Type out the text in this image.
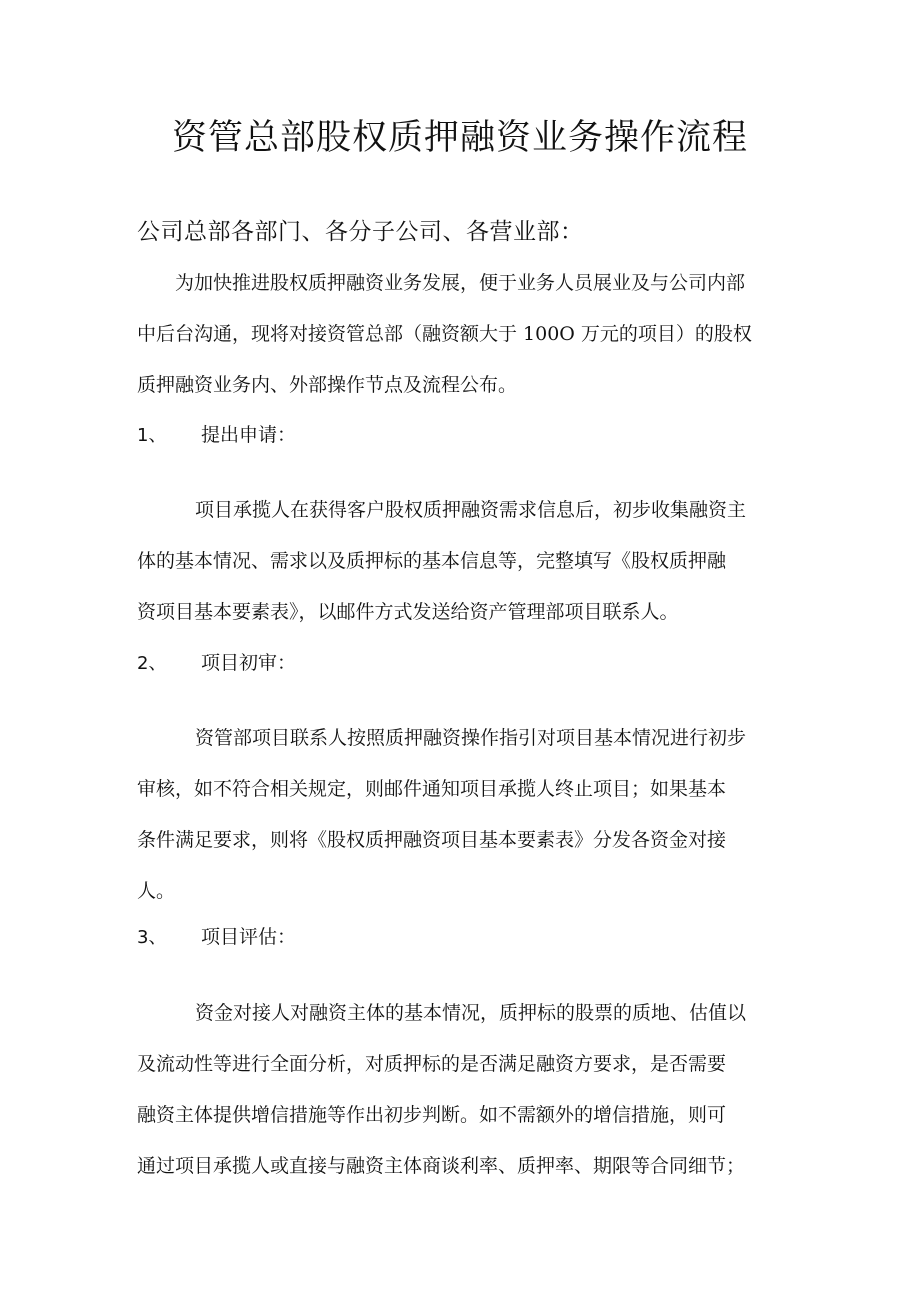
资管总部股权质押融资业务操作流程
公司总部各部门、各分子公司、各营业部：
为加快推进股权质押融资业务发展，便于业务人员展业及与公司内部
中后台沟通，现将对接资管总部（融资额大于 100O 万元的项目）的股权
质押融资业务内、外部操作节点及流程公布。
1、 提出申请：
项目承揽人在获得客户股权质押融资需求信息后，初步收集融资主
体的基本情况、需求以及质押标的基本信息等，完整填写《股权质押融
资项目基本要素表》，以邮件方式发送给资产管理部项目联系人。
2、 项目初审：
资管部项目联系人按照质押融资操作指引对项目基本情况进行初步
审核，如不符合相关规定，则邮件通知项目承揽人终止项目；如果基本
条件满足要求，则将《股权质押融资项目基本要素表》分发各资金对接
人。
3、 项目评估：
资金对接人对融资主体的基本情况，质押标的股票的质地、估值以
及流动性等进行全面分析，对质押标的是否满足融资方要求，是否需要
融资主体提供增信措施等作出初步判断。如不需额外的增信措施，则可
通过项目承揽人或直接与融资主体商谈利率、质押率、期限等合同细节；
